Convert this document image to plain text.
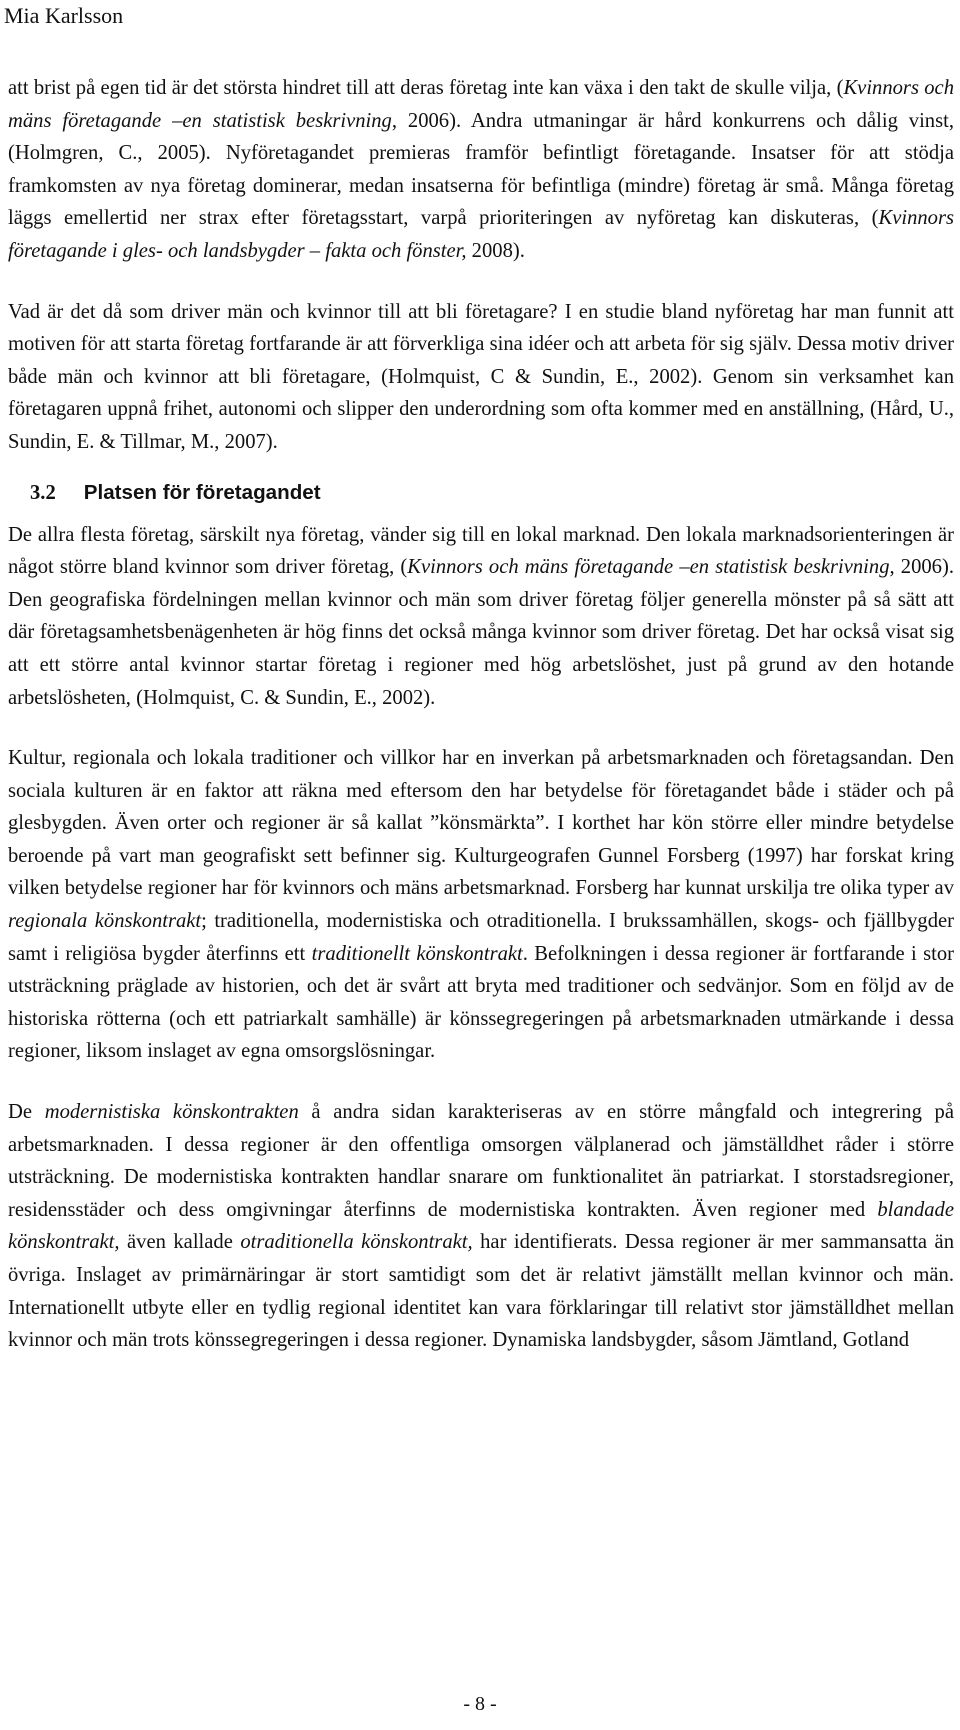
Mia Karlsson

att brist på egen tid är det största hindret till att deras företag inte kan växa i den takt de skulle vilja, (Kvinnors och mäns företagande –en statistisk beskrivning, 2006). Andra utmaningar är hård konkurrens och dålig vinst, (Holmgren, C., 2005). Nyföretagandet premieras framför befintligt företagande. Insatser för att stödja framkomsten av nya företag dominerar, medan insatserna för befintliga (mindre) företag är små. Många företag läggs emellertid ner strax efter företagsstart, varpå prioriteringen av nyföretag kan diskuteras, (Kvinnors företagande i gles- och landsbygder – fakta och fönster, 2008).

Vad är det då som driver män och kvinnor till att bli företagare? I en studie bland nyföretag har man funnit att motiven för att starta företag fortfarande är att förverkliga sina idéer och att arbeta för sig själv. Dessa motiv driver både män och kvinnor att bli företagare, (Holmquist, C & Sundin, E., 2002). Genom sin verksamhet kan företagaren uppnå frihet, autonomi och slipper den underordning som ofta kommer med en anställning, (Hård, U., Sundin, E. & Tillmar, M., 2007).

3.2 Platsen för företagandet

De allra flesta företag, särskilt nya företag, vänder sig till en lokal marknad. Den lokala marknadsorienteringen är något större bland kvinnor som driver företag, (Kvinnors och mäns företagande –en statistisk beskrivning, 2006). Den geografiska fördelningen mellan kvinnor och män som driver företag följer generella mönster på så sätt att där företagsamhetsbenägenheten är hög finns det också många kvinnor som driver företag. Det har också visat sig att ett större antal kvinnor startar företag i regioner med hög arbetslöshet, just på grund av den hotande arbetslösheten, (Holmquist, C. & Sundin, E., 2002).

Kultur, regionala och lokala traditioner och villkor har en inverkan på arbetsmarknaden och företagsandan. Den sociala kulturen är en faktor att räkna med eftersom den har betydelse för företagandet både i städer och på glesbygden. Även orter och regioner är så kallat ”könsmärkta”. I korthet har kön större eller mindre betydelse beroende på vart man geografiskt sett befinner sig. Kulturgeografen Gunnel Forsberg (1997) har forskat kring vilken betydelse regioner har för kvinnors och mäns arbetsmarknad. Forsberg har kunnat urskilja tre olika typer av regionala könskontrakt; traditionella, modernistiska och otraditionella. I brukssamhällen, skogs- och fjällbygder samt i religiösa bygder återfinns ett traditionellt könskontrakt. Befolkningen i dessa regioner är fortfarande i stor utsträckning präglade av historien, och det är svårt att bryta med traditioner och sedvänjor. Som en följd av de historiska rötterna (och ett patriarkalt samhälle) är könssegregeringen på arbetsmarknaden utmärkande i dessa regioner, liksom inslaget av egna omsorgslösningar.

De modernistiska könskontrakten å andra sidan karakteriseras av en större mångfald och integrering på arbetsmarknaden. I dessa regioner är den offentliga omsorgen välplanerad och jämställdhet råder i större utsträckning. De modernistiska kontrakten handlar snarare om funktionalitet än patriarkat. I storstadsregioner, residensstäder och dess omgivningar återfinns de modernistiska kontrakten. Även regioner med blandade könskontrakt, även kallade otraditionella könskontrakt, har identifierats. Dessa regioner är mer sammansatta än övriga. Inslaget av primärnäringar är stort samtidigt som det är relativt jämställt mellan kvinnor och män. Internationellt utbyte eller en tydlig regional identitet kan vara förklaringar till relativt stor jämställdhet mellan kvinnor och män trots könssegregeringen i dessa regioner. Dynamiska landsbygder, såsom Jämtland, Gotland

- 8 -
